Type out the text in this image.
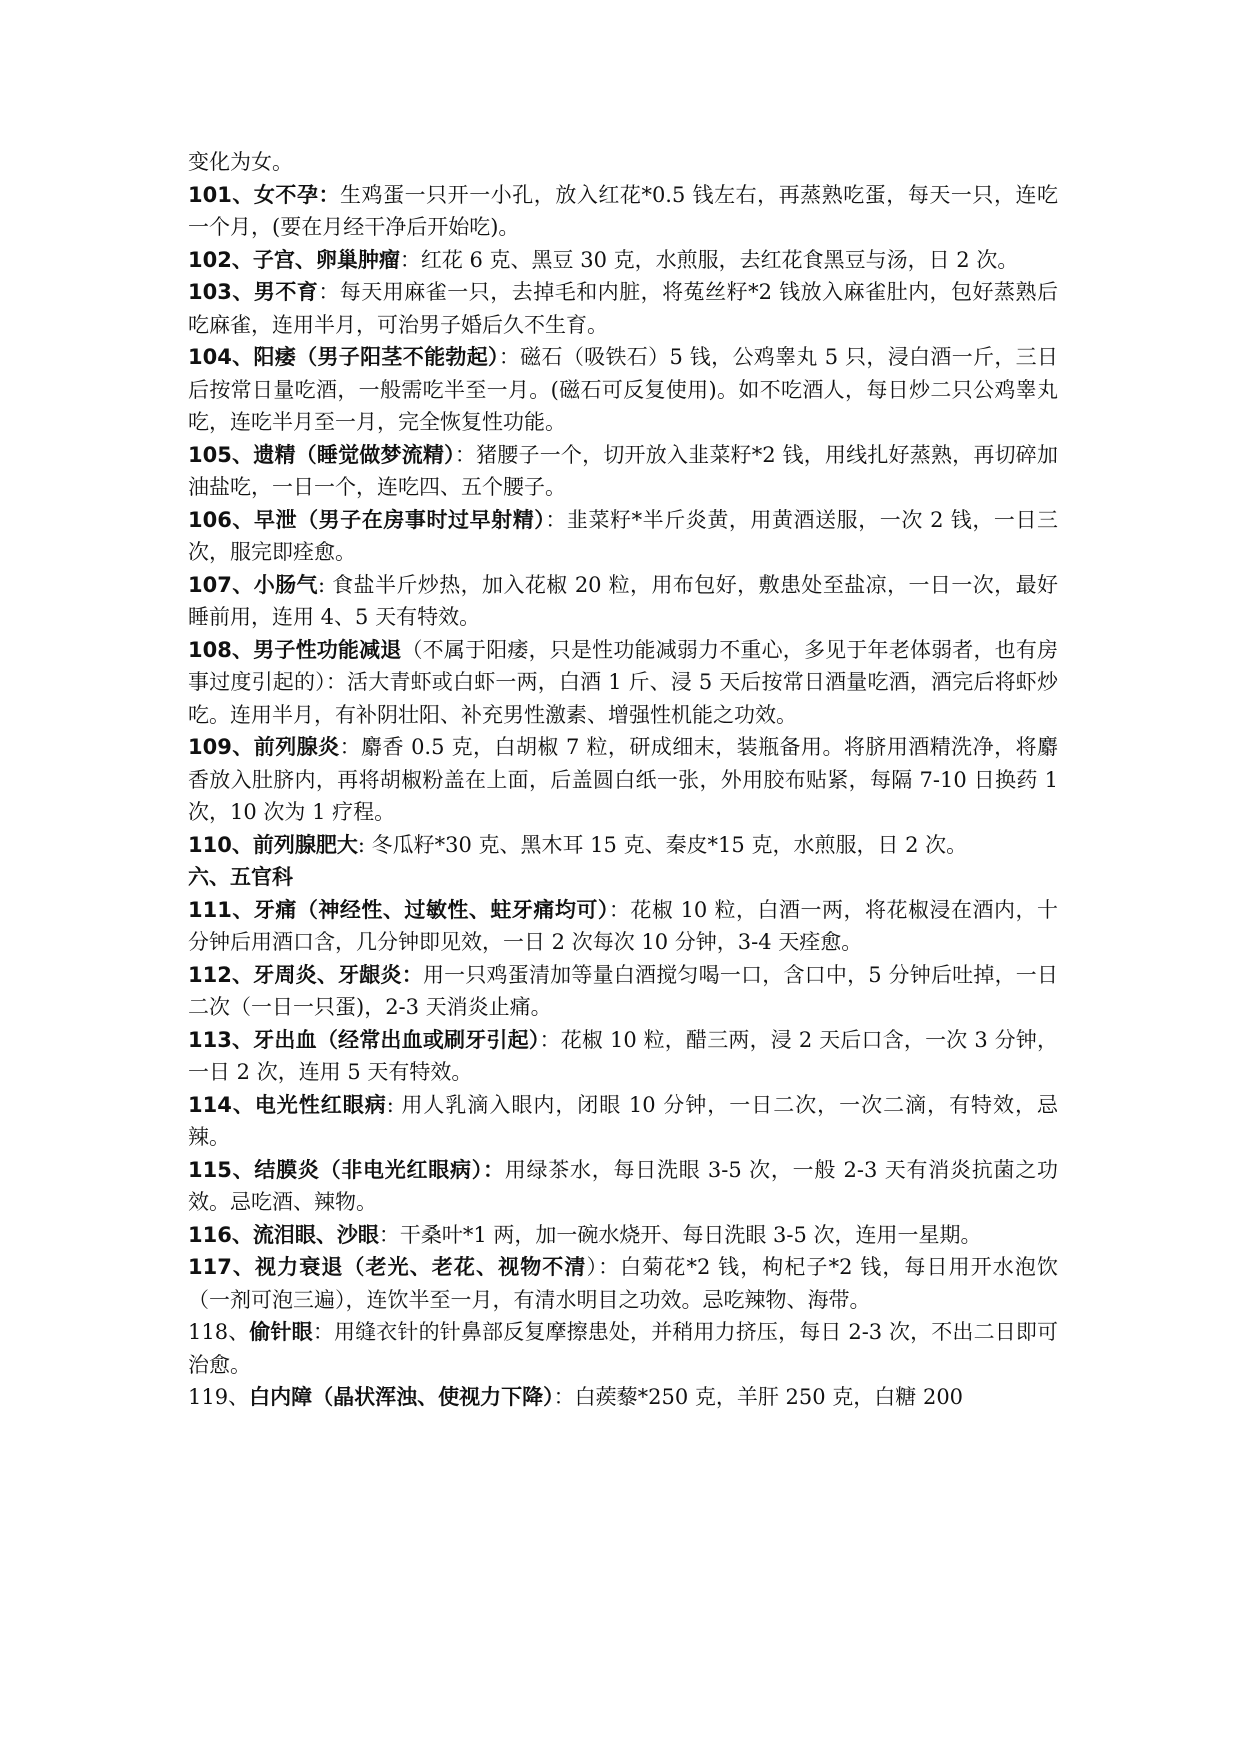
变化为女。

101、女不孕：生鸡蛋一只开一小孔，放入红花*0.5 钱左右，再蒸熟吃蛋，每天一只，连吃一个月，(要在月经干净后开始吃)。

102、子宫、卵巢肿瘤：红花 6 克、黑豆 30 克，水煎服，去红花食黑豆与汤，日 2 次。

103、男不育：每天用麻雀一只，去掉毛和内脏，将菟丝籽*2 钱放入麻雀肚内，包好蒸熟后吃麻雀，连用半月，可治男子婚后久不生育。

104、阳痿（男子阳茎不能勃起）：磁石（吸铁石）5 钱，公鸡睾丸 5 只，浸白酒一斤，三日后按常日量吃酒，一般需吃半至一月。(磁石可反复使用)。如不吃酒人，每日炒二只公鸡睾丸吃，连吃半月至一月，完全恢复性功能。

105、遗精（睡觉做梦流精）：猪腰子一个，切开放入韭菜籽*2 钱，用线扎好蒸熟，再切碎加油盐吃，一日一个，连吃四、五个腰子。

106、早泄（男子在房事时过早射精）：韭菜籽*半斤炎黄，用黄酒送服，一次 2 钱，一日三次，服完即痊愈。

107、小肠气: 食盐半斤炒热，加入花椒 20 粒，用布包好，敷患处至盐凉，一日一次，最好睡前用，连用 4、5 天有特效。

108、男子性功能减退（不属于阳痿，只是性功能减弱力不重心，多见于年老体弱者，也有房事过度引起的）：活大青虾或白虾一两，白酒 1 斤、浸 5 天后按常日酒量吃酒，酒完后将虾炒吃。连用半月，有补阴壮阳、补充男性激素、增强性机能之功效。

109、前列腺炎：麝香 0.5 克，白胡椒 7 粒，研成细末，装瓶备用。将脐用酒精洗净，将麝香放入肚脐内，再将胡椒粉盖在上面，后盖圆白纸一张，外用胶布贴紧，每隔 7-10 日换药 1 次，10 次为 1 疗程。

110、前列腺肥大: 冬瓜籽*30 克、黑木耳 15 克、秦皮*15 克，水煎服，日 2 次。

六、五官科

111、牙痛（神经性、过敏性、蛀牙痛均可）：花椒 10 粒，白酒一两，将花椒浸在酒内，十分钟后用酒口含，几分钟即见效，一日 2 次每次 10 分钟，3-4 天痊愈。

112、牙周炎、牙龈炎：用一只鸡蛋清加等量白酒搅匀喝一口，含口中，5 分钟后吐掉，一日二次（一日一只蛋)，2-3 天消炎止痛。

113、牙出血（经常出血或刷牙引起）：花椒 10 粒，醋三两，浸 2 天后口含，一次 3 分钟，一日 2 次，连用 5 天有特效。

114、电光性红眼病: 用人乳滴入眼内，闭眼 10 分钟，一日二次，一次二滴，有特效，忌辣。

115、结膜炎（非电光红眼病）：用绿茶水，每日洗眼 3-5 次，一般 2-3 天有消炎抗菌之功效。忌吃酒、辣物。

116、流泪眼、沙眼：干桑叶*1 两，加一碗水烧开、每日洗眼 3-5 次，连用一星期。

117、视力衰退（老光、老花、视物不清）：白菊花*2 钱，枸杞子*2 钱，每日用开水泡饮（一剂可泡三遍），连饮半至一月，有清水明目之功效。忌吃辣物、海带。

118、偷针眼：用缝衣针的针鼻部反复摩擦患处，并稍用力挤压，每日 2-3 次，不出二日即可治愈。

119、白内障（晶状浑浊、使视力下降）：白蒺藜*250 克，羊肝 250 克，白糖 200
